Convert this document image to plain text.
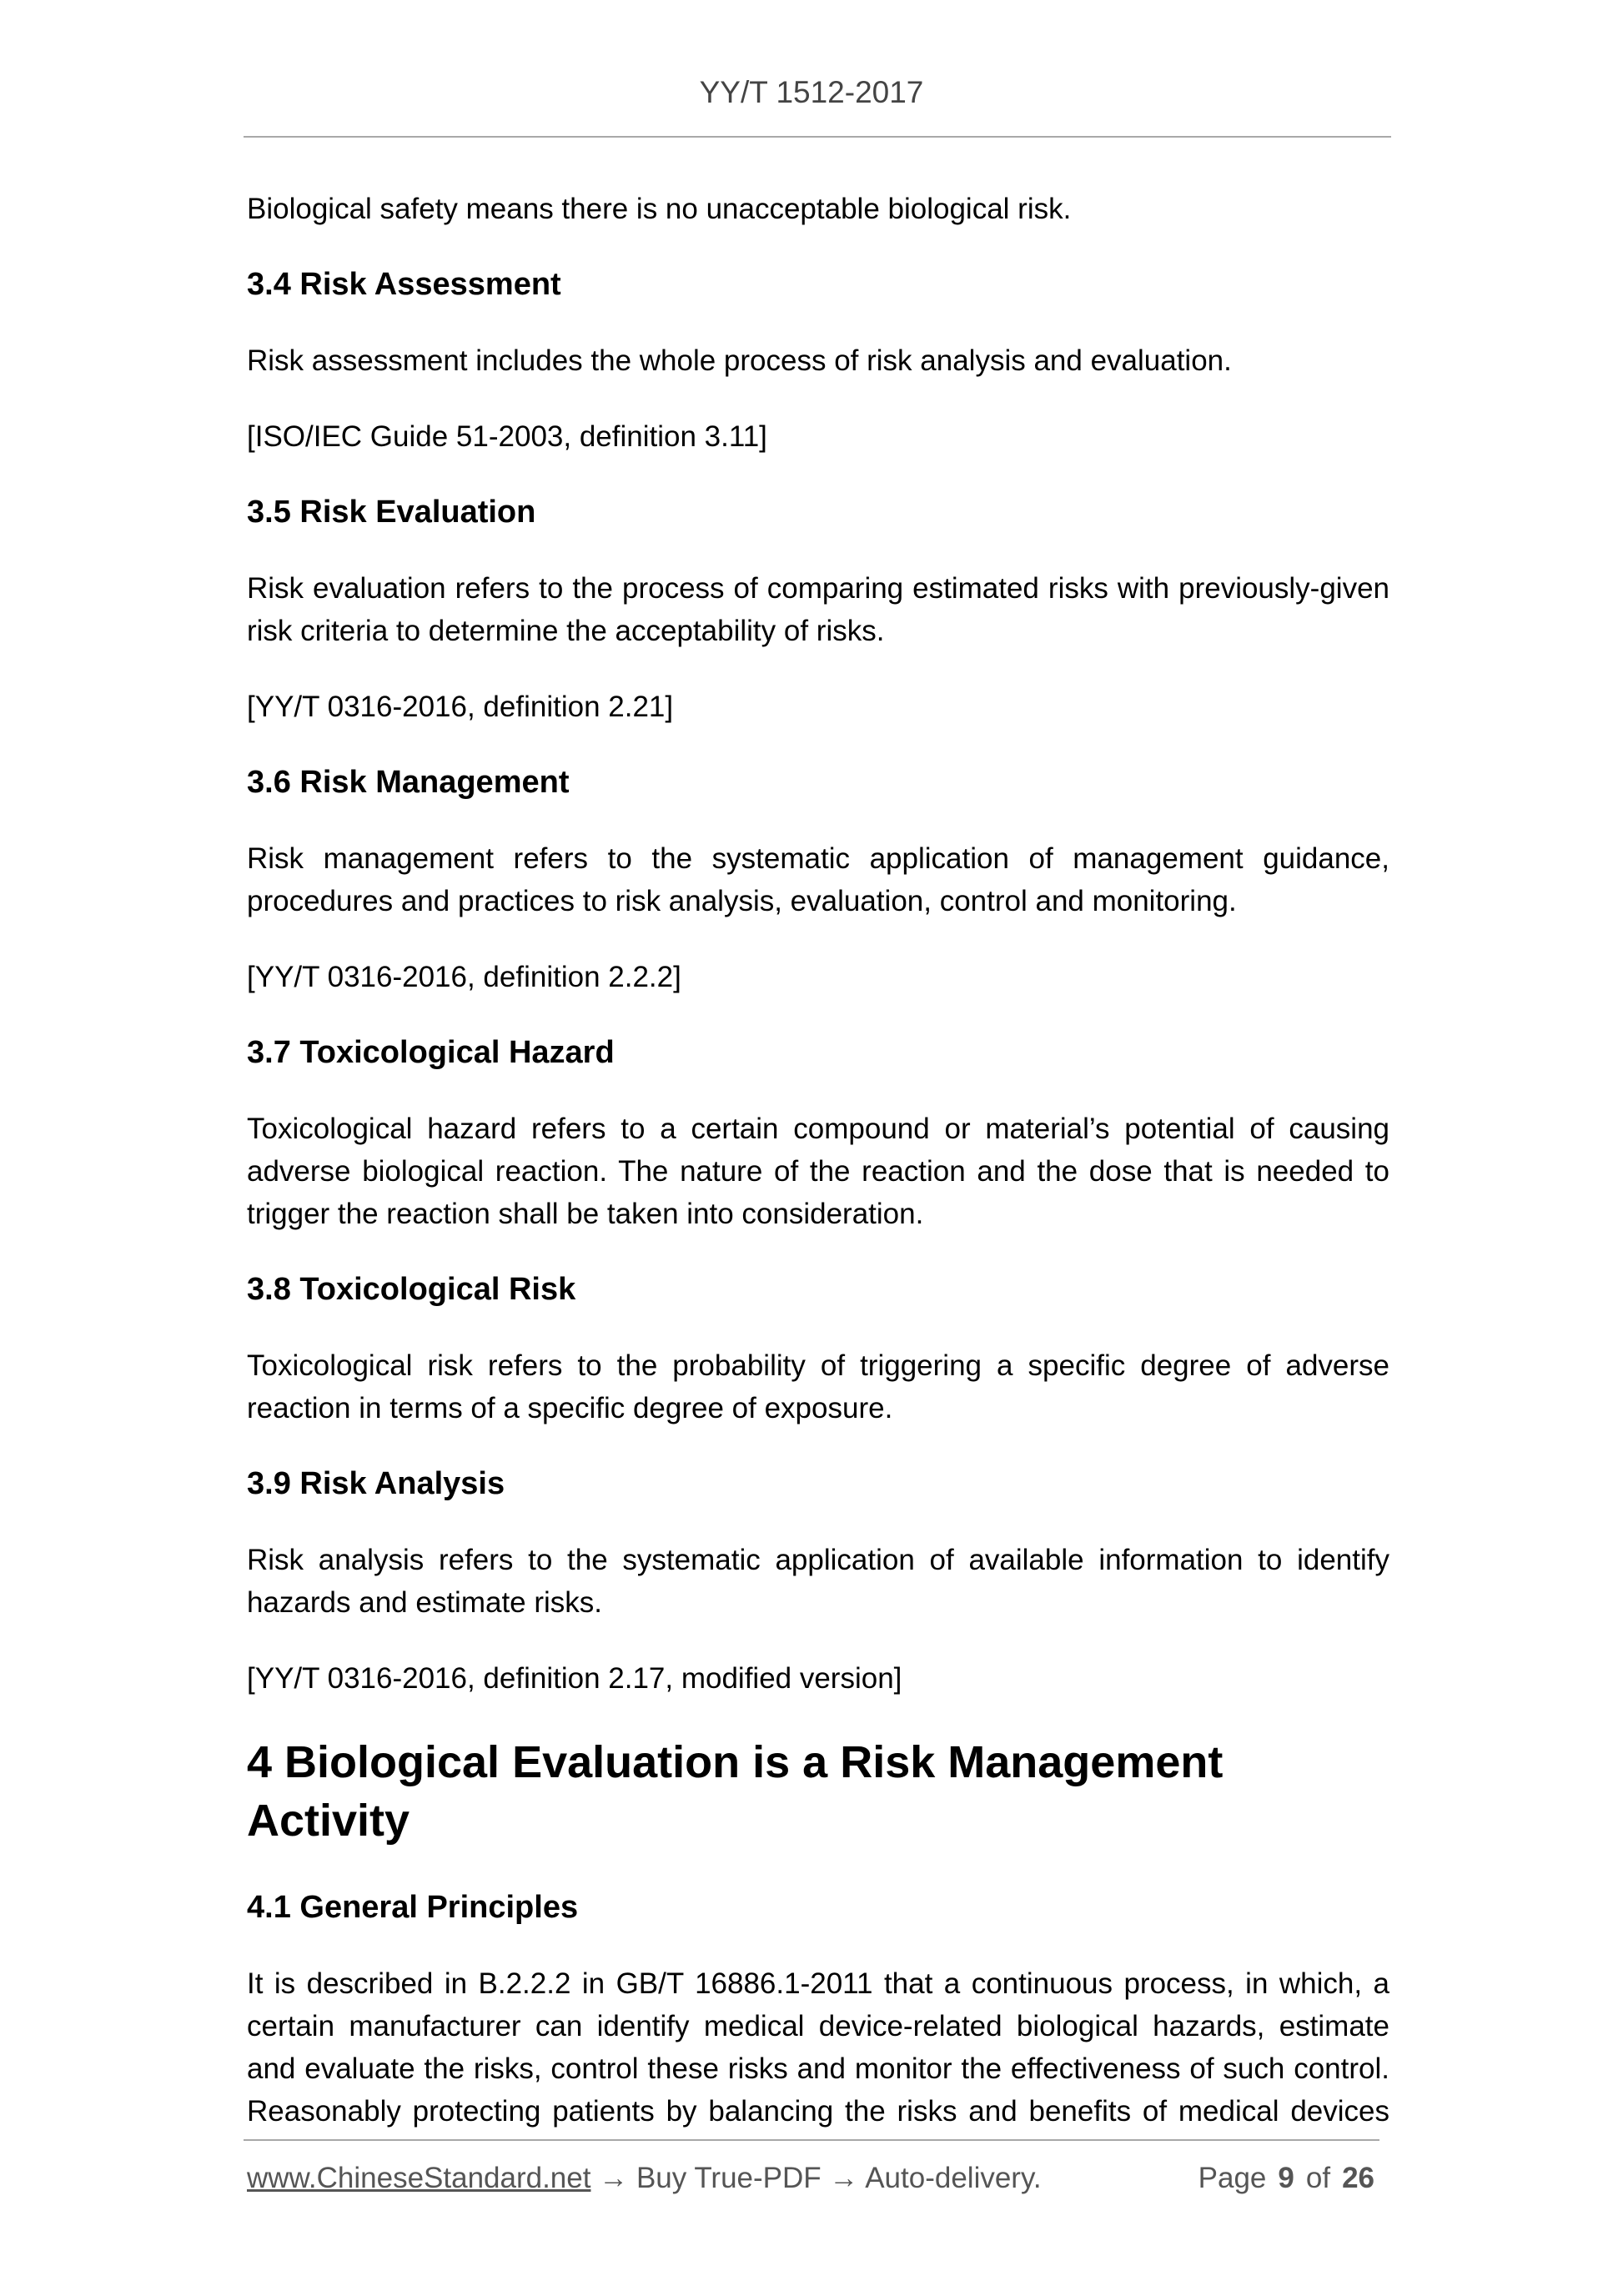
YY/T 1512-2017
Biological safety means there is no unacceptable biological risk.
3.4 Risk Assessment
Risk assessment includes the whole process of risk analysis and evaluation.
[ISO/IEC Guide 51-2003, definition 3.11]
3.5 Risk Evaluation
Risk evaluation refers to the process of comparing estimated risks with previously-given risk criteria to determine the acceptability of risks.
[YY/T 0316-2016, definition 2.21]
3.6 Risk Management
Risk management refers to the systematic application of management guidance, procedures and practices to risk analysis, evaluation, control and monitoring.
[YY/T 0316-2016, definition 2.2.2]
3.7 Toxicological Hazard
Toxicological hazard refers to a certain compound or material’s potential of causing adverse biological reaction. The nature of the reaction and the dose that is needed to trigger the reaction shall be taken into consideration.
3.8 Toxicological Risk
Toxicological risk refers to the probability of triggering a specific degree of adverse reaction in terms of a specific degree of exposure.
3.9 Risk Analysis
Risk analysis refers to the systematic application of available information to identify hazards and estimate risks.
[YY/T 0316-2016, definition 2.17, modified version]
4 Biological Evaluation is a Risk Management Activity
4.1 General Principles
It is described in B.2.2.2 in GB/T 16886.1-2011 that a continuous process, in which, a certain manufacturer can identify medical device-related biological hazards, estimate and evaluate the risks, control these risks and monitor the effectiveness of such control. Reasonably protecting patients by balancing the risks and benefits of medical devices
www.ChineseStandard.net → Buy True-PDF → Auto-delivery.	Page 9 of 26
